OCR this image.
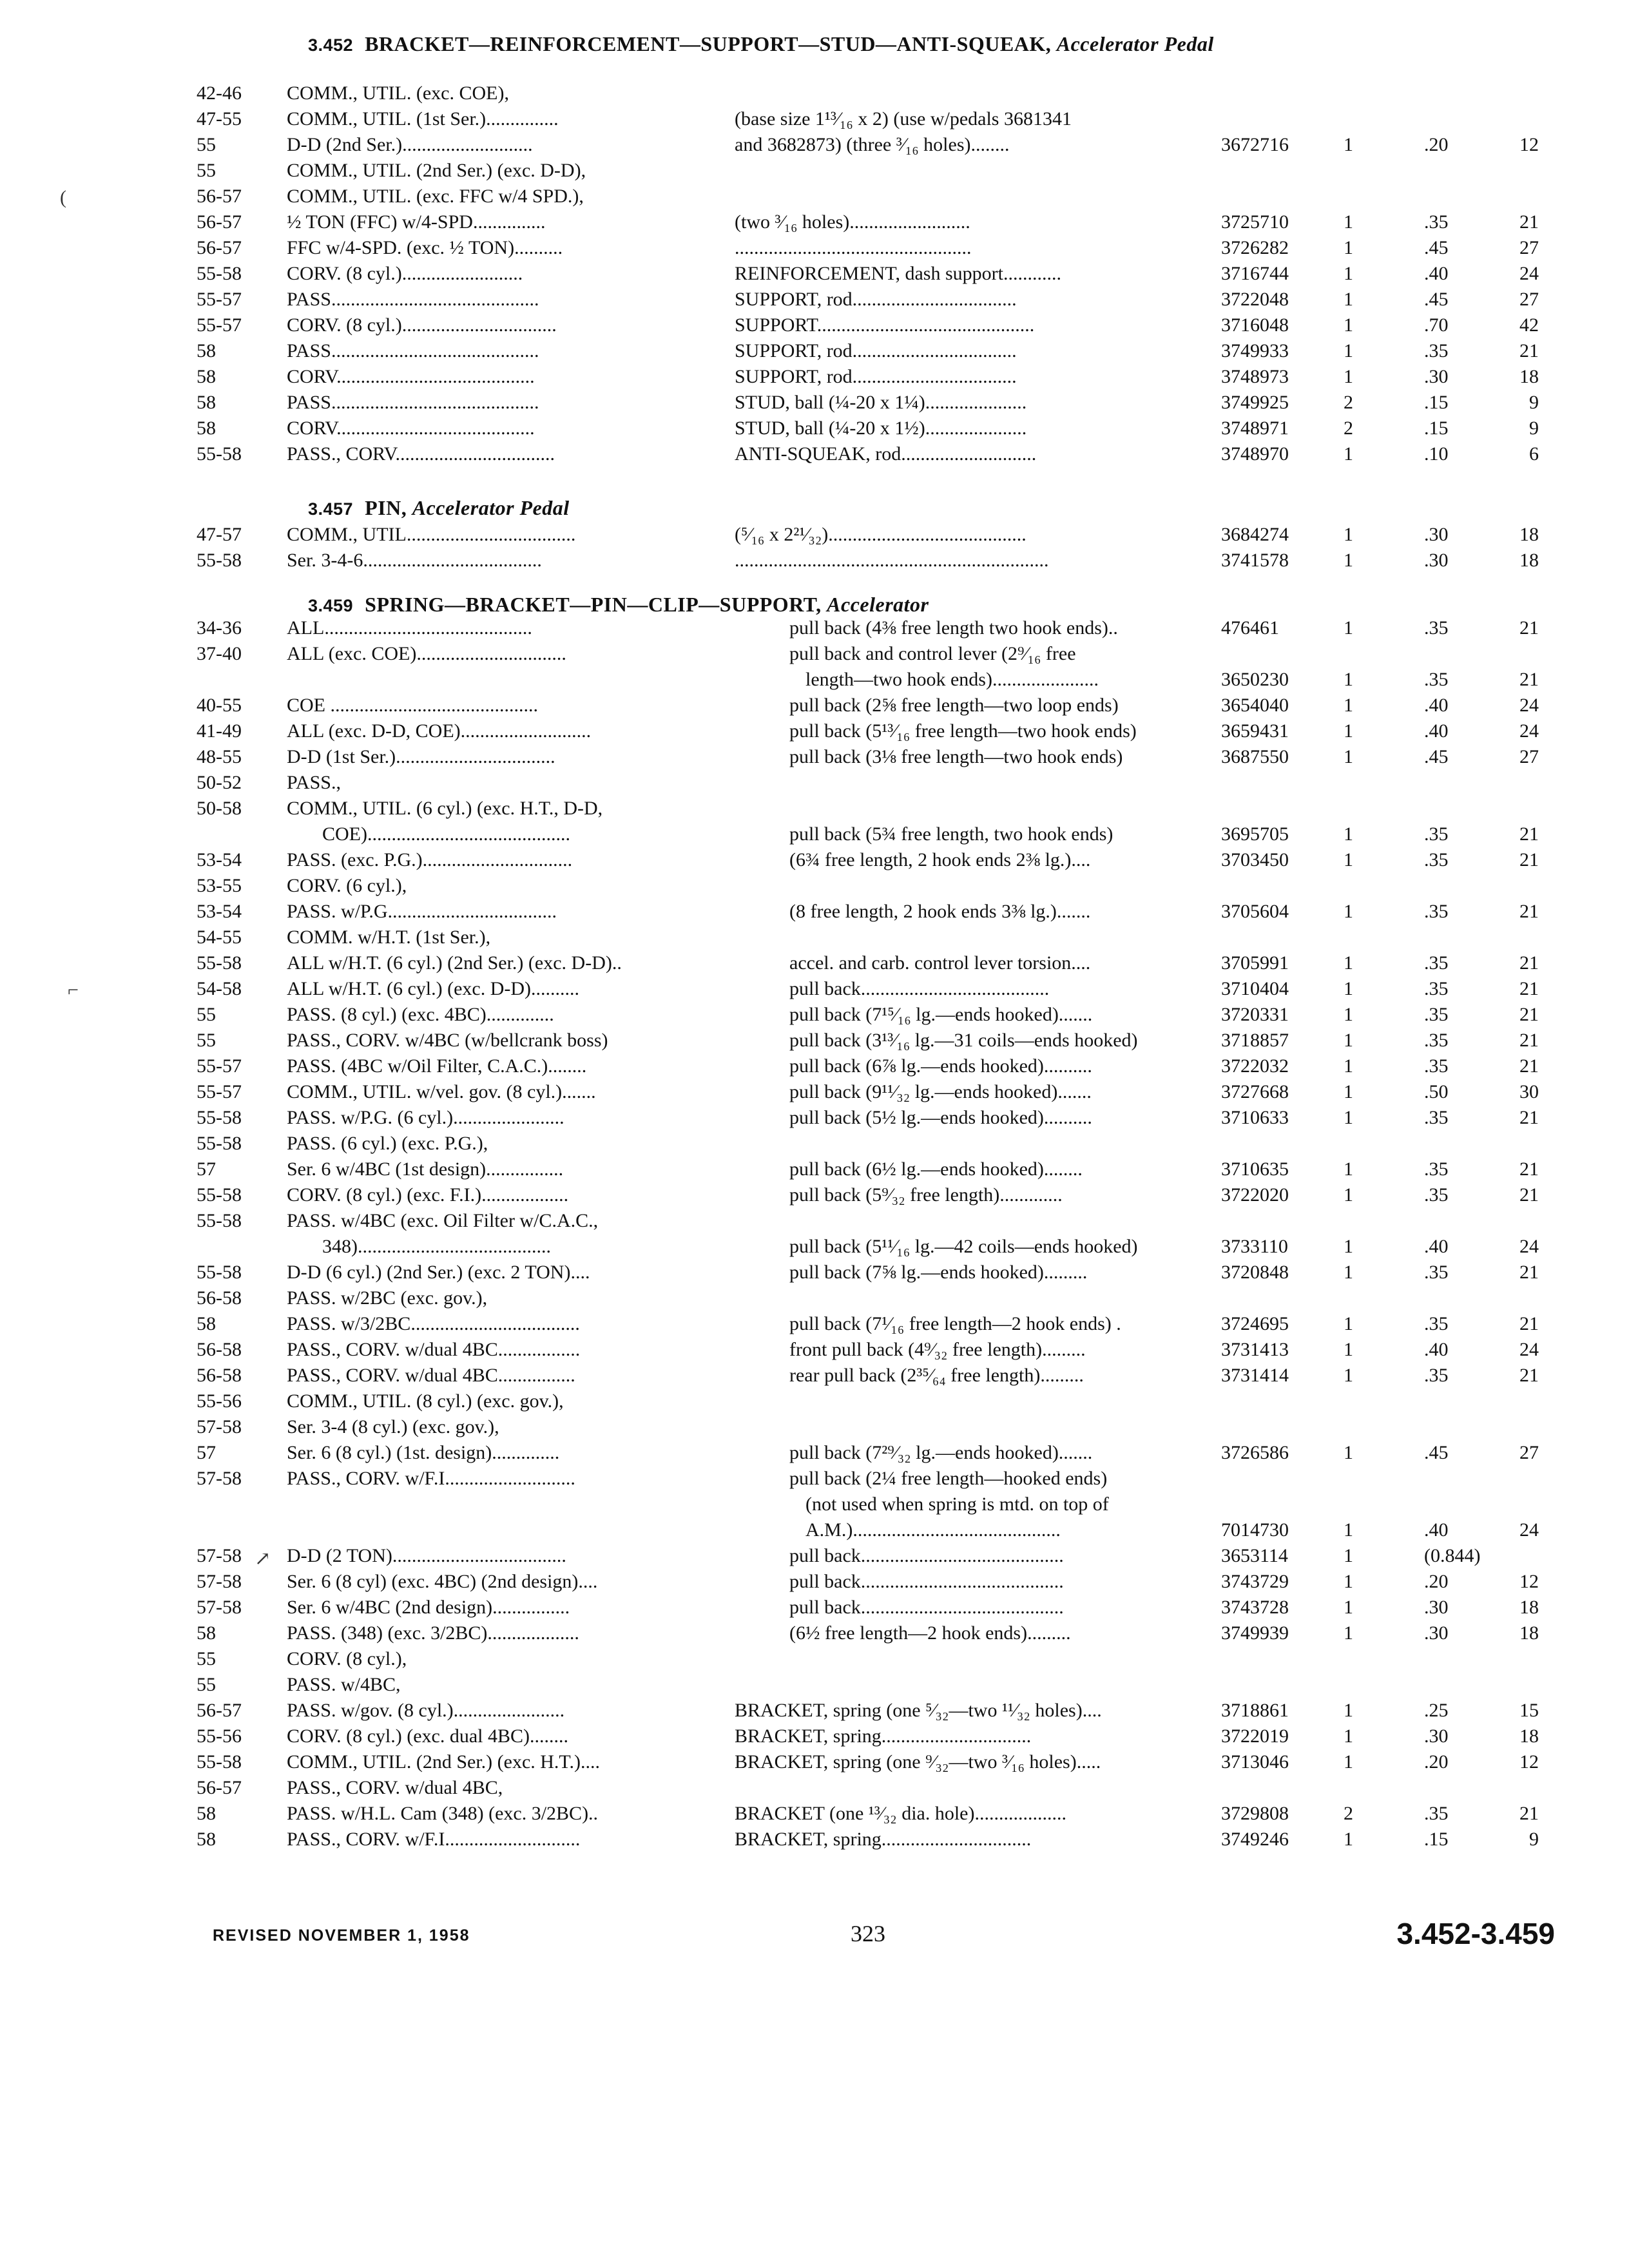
3.452 BRACKET—REINFORCEMENT—SUPPORT—STUD—ANTI-SQUEAK, Accelerator Pedal
3.457 PIN, Accelerator Pedal
3.459 SPRING—BRACKET—PIN—CLIP—SUPPORT, Accelerator
42-46 COMM., UTIL. (exc. COE),
47-55 COMM., UTIL. (1st Ser.)...............	(base size 1¹³⁄₁₆ x 2) (use w/pedals 3681341
55	D-D (2nd Ser.)...........................	and 3682873) (three ³⁄₁₆ holes)........	3672716	1	.20	12
55	COMM., UTIL. (2nd Ser.) (exc. D-D),
56-57 COMM., UTIL. (exc. FFC w/4 SPD.),
56-57 ½ TON (FFC) w/4-SPD...............	(two ³⁄₁₆ holes).........................	3725710	1	.35	21
56-57 FFC w/4-SPD. (exc. ½ TON)..........	.................................................	3726282	1	.45	27
55-58 CORV. (8 cyl.).........................	REINFORCEMENT, dash support............	3716744	1	.40	24
55-57 PASS...........................................	SUPPORT, rod..................................	3722048	1	.45	27
55-57 CORV. (8 cyl.)................................	SUPPORT.............................................	3716048	1	.70	42
58	PASS...........................................	SUPPORT, rod..................................	3749933	1	.35	21
58	CORV.........................................	SUPPORT, rod..................................	3748973	1	.30	18
58	PASS...........................................	STUD, ball (¼-20 x 1¼).....................	3749925	2	.15	9
58	CORV.........................................	STUD, ball (¼-20 x 1½).....................	3748971	2	.15	9
55-58 PASS., CORV.................................	ANTI-SQUEAK, rod............................	3748970	1	.10	6
47-57 COMM., UTIL...................................	(⁵⁄₁₆ x 2²¹⁄₃₂).........................................	3684274	1	.30	18
55-58 Ser. 3-4-6.....................................	.................................................................	3741578	1	.30	18
34-36 ALL...........................................	pull back (4⅜ free length two hook ends)..	476461	1	.35	21
37-40 ALL (exc. COE)...............................	pull back and control lever (2⁹⁄₁₆ free
length—two hook ends)......................	3650230	1	.35	21
40-55 COE ...........................................	pull back (2⅝ free length—two loop ends)	3654040	1	.40	24
41-49 ALL (exc. D-D, COE)...........................	pull back (5¹³⁄₁₆ free length—two hook ends)	3659431	1	.40	24
48-55 D-D (1st Ser.).................................	pull back (3⅛ free length—two hook ends)	3687550	1	.45	27
50-52 PASS.,
50-58 COMM., UTIL. (6 cyl.) (exc. H.T., D-D,
COE)..........................................	pull back (5¾ free length, two hook ends)	3695705	1	.35	21
53-54 PASS. (exc. P.G.)...............................	(6¾ free length, 2 hook ends 2⅜ lg.)....	3703450	1	.35	21
53-55 CORV. (6 cyl.),
53-54 PASS. w/P.G...................................	(8 free length, 2 hook ends 3⅜ lg.).......	3705604	1	.35	21
54-55 COMM. w/H.T. (1st Ser.),
55-58 ALL w/H.T. (6 cyl.) (2nd Ser.) (exc. D-D)..	accel. and carb. control lever torsion....	3705991	1	.35	21
54-58 ALL w/H.T. (6 cyl.) (exc. D-D)..........	pull back.......................................	3710404	1	.35	21
55	PASS. (8 cyl.) (exc. 4BC)..............	pull back (7¹⁵⁄₁₆ lg.—ends hooked).......	3720331	1	.35	21
55	PASS., CORV. w/4BC (w/bellcrank boss)	pull back (3¹³⁄₁₆ lg.—31 coils—ends hooked)	3718857	1	.35	21
55-57 PASS. (4BC w/Oil Filter, C.A.C.)........	pull back (6⅞ lg.—ends hooked)..........	3722032	1	.35	21
55-57 COMM., UTIL. w/vel. gov. (8 cyl.).......	pull back (9¹¹⁄₃₂ lg.—ends hooked).......	3727668	1	.50	30
55-58 PASS. w/P.G. (6 cyl.).......................	pull back (5½ lg.—ends hooked)..........	3710633	1	.35	21
55-58 PASS. (6 cyl.) (exc. P.G.),
57	Ser. 6 w/4BC (1st design)................	pull back (6½ lg.—ends hooked)........	3710635	1	.35	21
55-58 CORV. (8 cyl.) (exc. F.I.)..................	pull back (5⁹⁄₃₂ free length).............	3722020	1	.35	21
55-58 PASS. w/4BC (exc. Oil Filter w/C.A.C.,
348)........................................	pull back (5¹¹⁄₁₆ lg.—42 coils—ends hooked)	3733110	1	.40	24
55-58 D-D (6 cyl.) (2nd Ser.) (exc. 2 TON)....	pull back (7⅝ lg.—ends hooked).........	3720848	1	.35	21
56-58 PASS. w/2BC (exc. gov.),
58	PASS. w/3/2BC...................................	pull back (7¹⁄₁₆ free length—2 hook ends) .	3724695	1	.35	21
56-58 PASS., CORV. w/dual 4BC.................	front pull back (4⁹⁄₃₂ free length).........	3731413	1	.40	24
56-58 PASS., CORV. w/dual 4BC................	rear pull back (2³⁵⁄₆₄ free length).........	3731414	1	.35	21
55-56 COMM., UTIL. (8 cyl.) (exc. gov.),
57-58 Ser. 3-4 (8 cyl.) (exc. gov.),
57	Ser. 6 (8 cyl.) (1st. design)..............	pull back (7²⁹⁄₃₂ lg.—ends hooked).......	3726586	1	.45	27
57-58 PASS., CORV. w/F.I...........................	pull back (2¼ free length—hooked ends)
(not used when spring is mtd. on top of
A.M.)...........................................	7014730	1	.40	24
57-58 D-D (2 TON)....................................	pull back..........................................	3653114	1	(0.844)
57-58 Ser. 6 (8 cyl) (exc. 4BC) (2nd design)....	pull back..........................................	3743729	1	.20	12
57-58 Ser. 6 w/4BC (2nd design)................	pull back..........................................	3743728	1	.30	18
58	PASS. (348) (exc. 3/2BC)...................	(6½ free length—2 hook ends).........	3749939	1	.30	18
55	CORV. (8 cyl.),
55	PASS. w/4BC,
56-57 PASS. w/gov. (8 cyl.).......................	BRACKET, spring (one ⁵⁄₃₂—two ¹¹⁄₃₂ holes)....	3718861	1	.25	15
55-56 CORV. (8 cyl.) (exc. dual 4BC)........	BRACKET, spring...............................	3722019	1	.30	18
55-58 COMM., UTIL. (2nd Ser.) (exc. H.T.)....	BRACKET, spring (one ⁹⁄₃₂—two ³⁄₁₆ holes).....	3713046	1	.20	12
56-57 PASS., CORV. w/dual 4BC,
58	PASS. w/H.L. Cam (348) (exc. 3/2BC)..	BRACKET (one ¹³⁄₃₂ dia. hole)...................	3729808	2	.35	21
58	PASS., CORV. w/F.I............................	BRACKET, spring...............................	3749246	1	.15	9
(
⌐
↗
REVISED NOVEMBER 1, 1958	323	3.452-3.459
